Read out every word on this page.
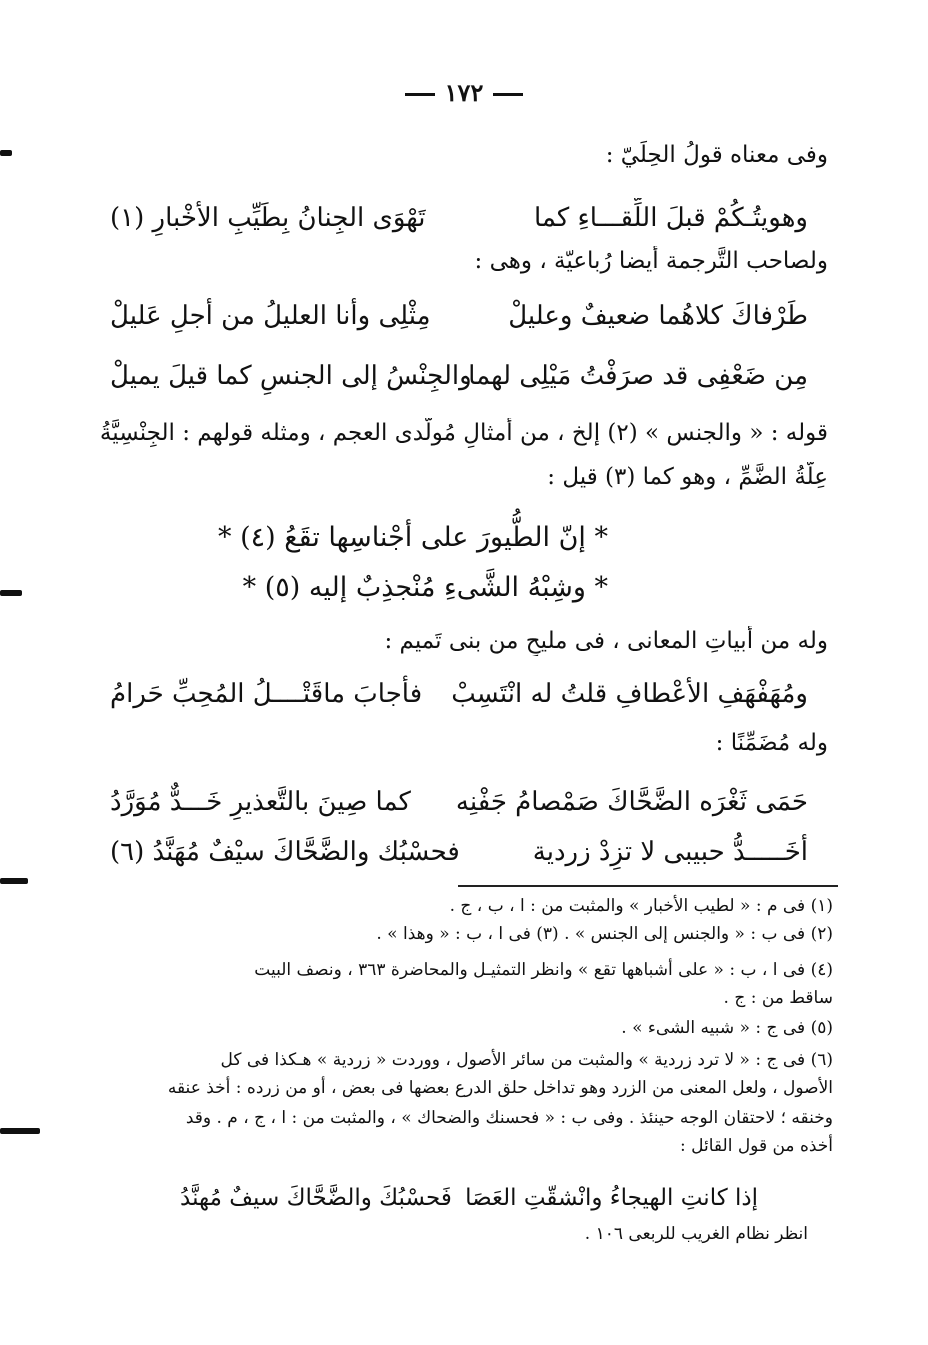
١٧٢
وفى معناه قولُ الحِلِّيّ :
وهويتُـكُمْ قبلَ اللِّقـــاءِ كما
تَهْوَى الجِنانُ بِطَيِّبِ الأخْبارِ (١)
ولصاحب التَّرجمة أيضا رُباعيّة ، وهى :
طَرْفاكَ كلاهُما ضعيفٌ وعليلْ
مِثْلِى وأنا العليلُ من أجلِ عَليلْ
مِن ضَعْفِى قد صرَفْتُ مَيْلِى لهما
والجِنْسُ إلى الجنسِ كما قيلَ يميلْ
قوله : « والجنس » (٢) إلخ ، من أمثالِ مُولَّدى العجم ، ومثله قولهم : الجِنْسِيَّةُ
عِلَّةُ الضَّمِّ ، وهو كما (٣) قيل :
* إنّ الطُّيورَ على أجْناسِها تقَعُ (٤) *
* وشِبْهُ الشَّىءِ مُنْجذِبٌ إليه (٥) *
وله من أبياتِ المعانى ، فى مليحٍ من بنى تَميم :
ومُهَفْهَفِ الأعْطافِ قلتُ له انْتَسِبْ
فأجابَ ماقَتْــــلُ المُحِبِّ حَرامُ
وله مُضَمِّنًا :
حَمَى ثَغْرَه الضَّحَّاكَ صَمْصامُ جَفْنِه
كما صِينَ بالتَّعذيرِ خَـــدٌّ مُوَرَّدُ
أخَـــــدُّ حبيبى لا تزِدْ زردية
فحسْبُك والضَّحَّاكَ سيْفٌ مُهَنَّدُ (٦)
(١) فى م : « لطيب الأخبار » والمثبت من : ا ، ب ، ج .
(٢) فى ب : « والجنس إلى الجنس » . (٣) فى ا ، ب : « وهذا » .
(٤) فى ا ، ب : « على أشباهها تقع » وانظر التمثيـل والمحاضرة ٣٦٣ ، ونصف البيت
ساقط من : ج .
(٥) فى ج : « شبيه الشىء » .
(٦) فى ج : « لا ترد زردية » والمثبت من سائر الأصول ، ووردت « زردية » هـكذا فى كل
الأصول ، ولعل المعنى من الزرد وهو تداخل حلق الدرع بعضها فى بعض ، أو من زرده : أخذ عنقه
وخنقه ؛ لاحتقان الوجه حينئذ . وفى ب : « فحسنك والضحاك » ، والمثبت من : ا ، ج ، م . وقد
أخذه من قول القائل :
إذا كانتِ الهيجاءُ وانْشقّتِ العَصَا
فَحسْبُكَ والضَّحَّاكَ سيفٌ مُهنَّدُ
انظر نظام الغريب للربعى ١٠٦ .
